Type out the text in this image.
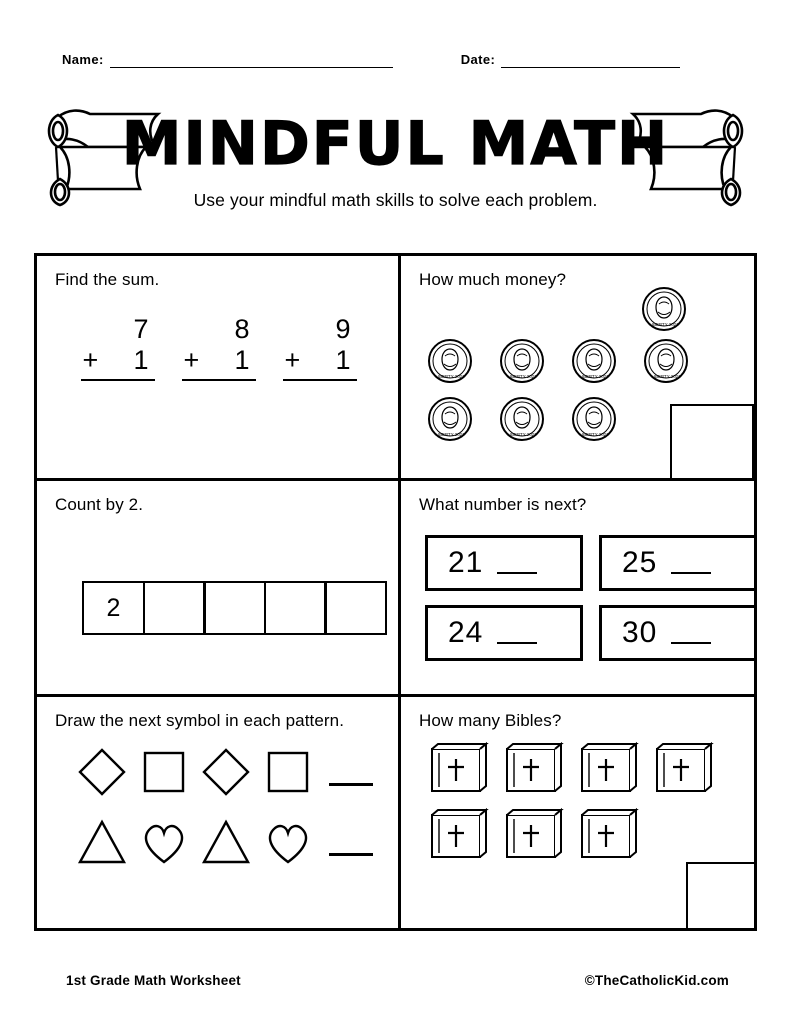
Name:	Date:
MINDFUL MATH
Use your mindful math skills to solve each problem.

Find the sum.

7
+ 1
8
+ 1
9
+ 1

How much money?

LIBERTY 2021
LIBERTY 2021	LIBERTY 2021	LIBERTY 2021	LIBERTY 2021
LIBERTY 2021	LIBERTY 2021	LIBERTY 2021

Count by 2.

2

What number is next?

21	25
24	30

Draw the next symbol in each pattern.	How many Bibles?

1st Grade Math Worksheet	©TheCatholicKid.com
